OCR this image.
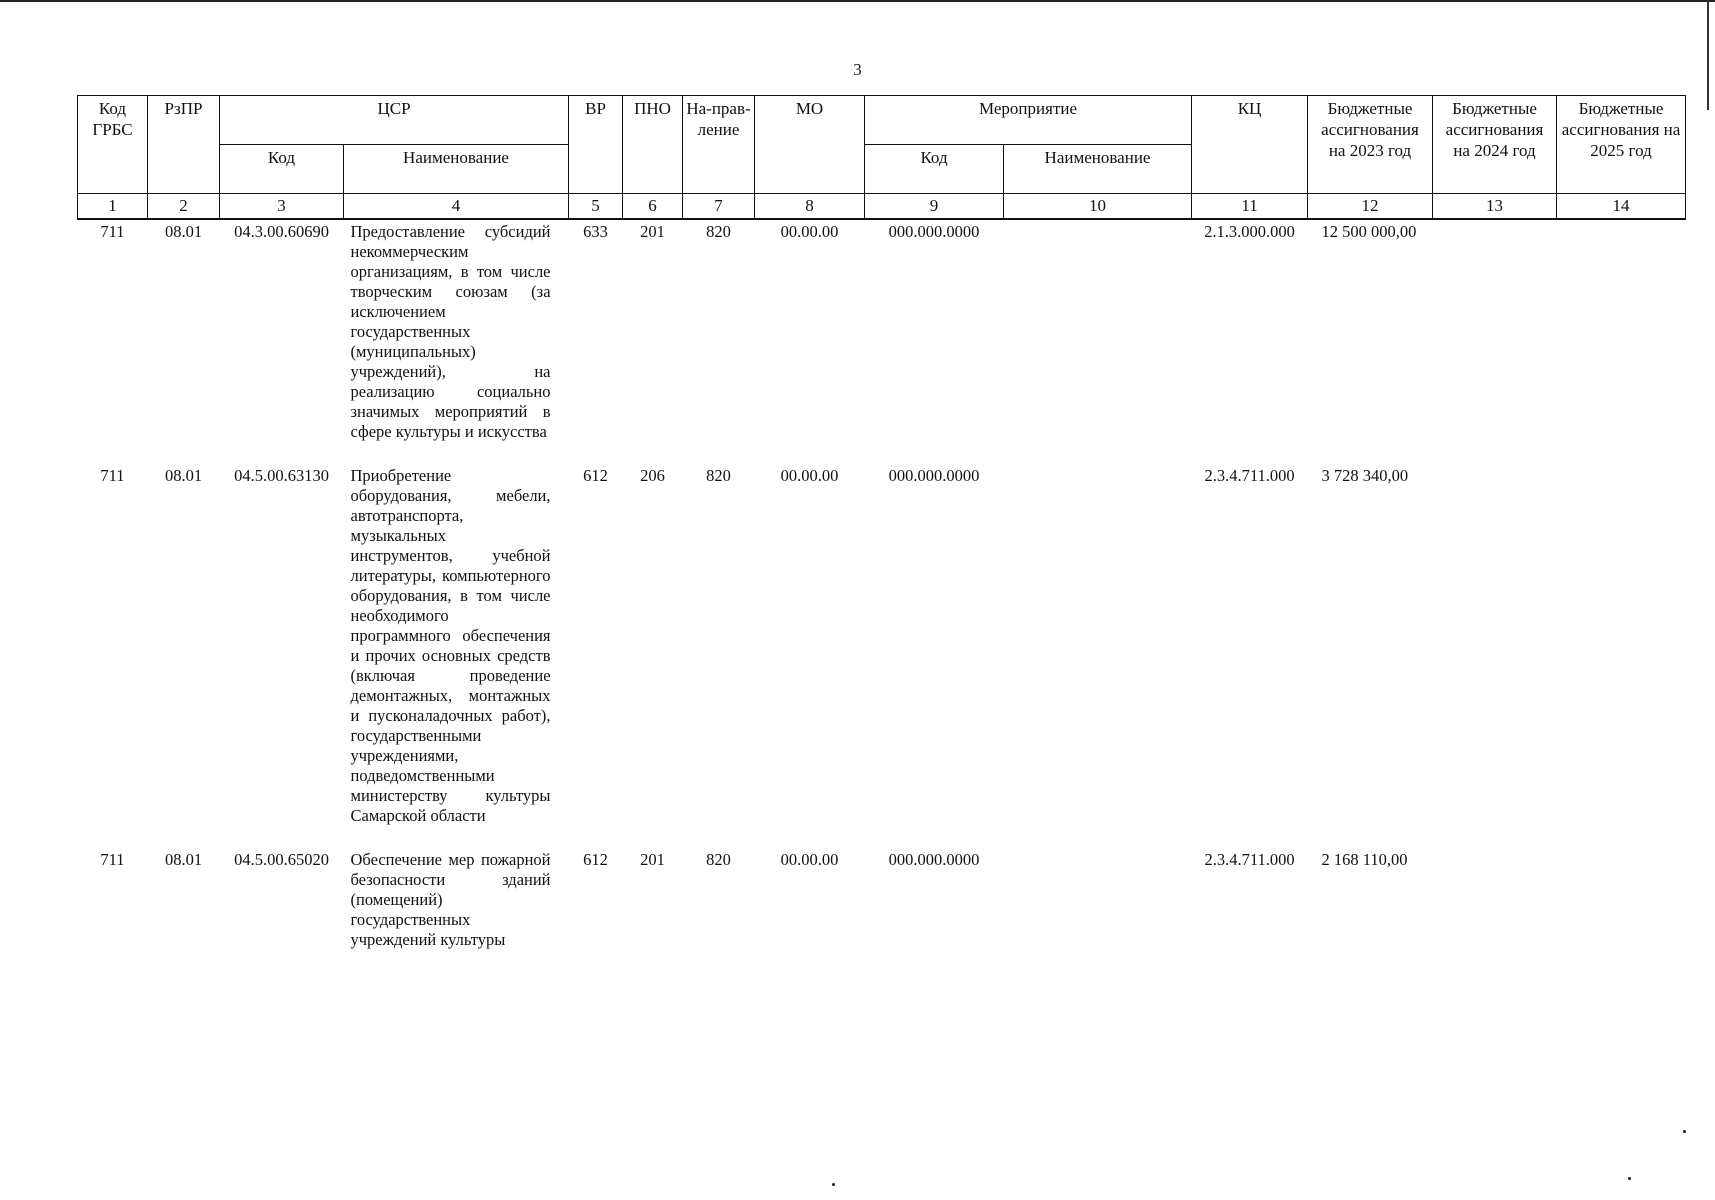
3
Код ГРБС	РзПР	ЦСР		ВР	ПНО	На-прав-ление	МО	Мероприятие		КЦ	Бюджетные ассигнования на 2023 год	Бюджетные ассигнования на 2024 год	Бюджетные ассигнования на 2025 год
		Код	Наименование					Код	Наименование				
1	2	3	4	5	6	7	8	9	10	11	12	13	14
711	08.01	04.3.00.60690	Предоставление субсидий некоммерческим организациям, в том числе творческим союзам (за исключением государственных (муниципальных) учреждений), на реализацию социально значимых мероприятий в сфере культуры и искусства	633	201	820	00.00.00	000.000.0000		2.1.3.000.000	12 500 000,00		
711	08.01	04.5.00.63130	Приобретение оборудования, мебели, автотранспорта, музыкальных инструментов, учебной литературы, компьютерного оборудования, в том числе необходимого программного обеспечения и прочих основных средств (включая проведение демонтажных, монтажных и пусконаладочных работ), государственными учреждениями, подведомственными министерству культуры Самарской области	612	206	820	00.00.00	000.000.0000		2.3.4.711.000	3 728 340,00		
711	08.01	04.5.00.65020	Обеспечение мер пожарной безопасности зданий (помещений) государственных учреждений культуры	612	201	820	00.00.00	000.000.0000		2.3.4.711.000	2 168 110,00		
